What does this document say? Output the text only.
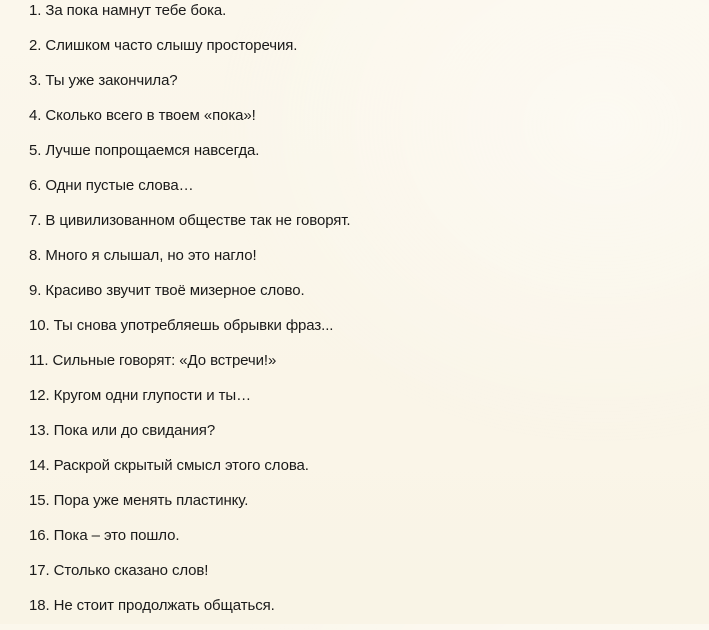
1. За пока намнут тебе бока.
2. Слишком часто слышу просторечия.
3. Ты уже закончила?
4. Сколько всего в твоем «пока»!
5. Лучше попрощаемся навсегда.
6. Одни пустые слова…
7. В цивилизованном обществе так не говорят.
8. Много я слышал, но это нагло!
9. Красиво звучит твоё мизерное слово.
10. Ты снова употребляешь обрывки фраз...
11. Сильные говорят: «До встречи!»
12. Кругом одни глупости и ты…
13. Пока или до свидания?
14. Раскрой скрытый смысл этого слова.
15. Пора уже менять пластинку.
16. Пока – это пошло.
17. Столько сказано слов!
18. Не стоит продолжать общаться.
